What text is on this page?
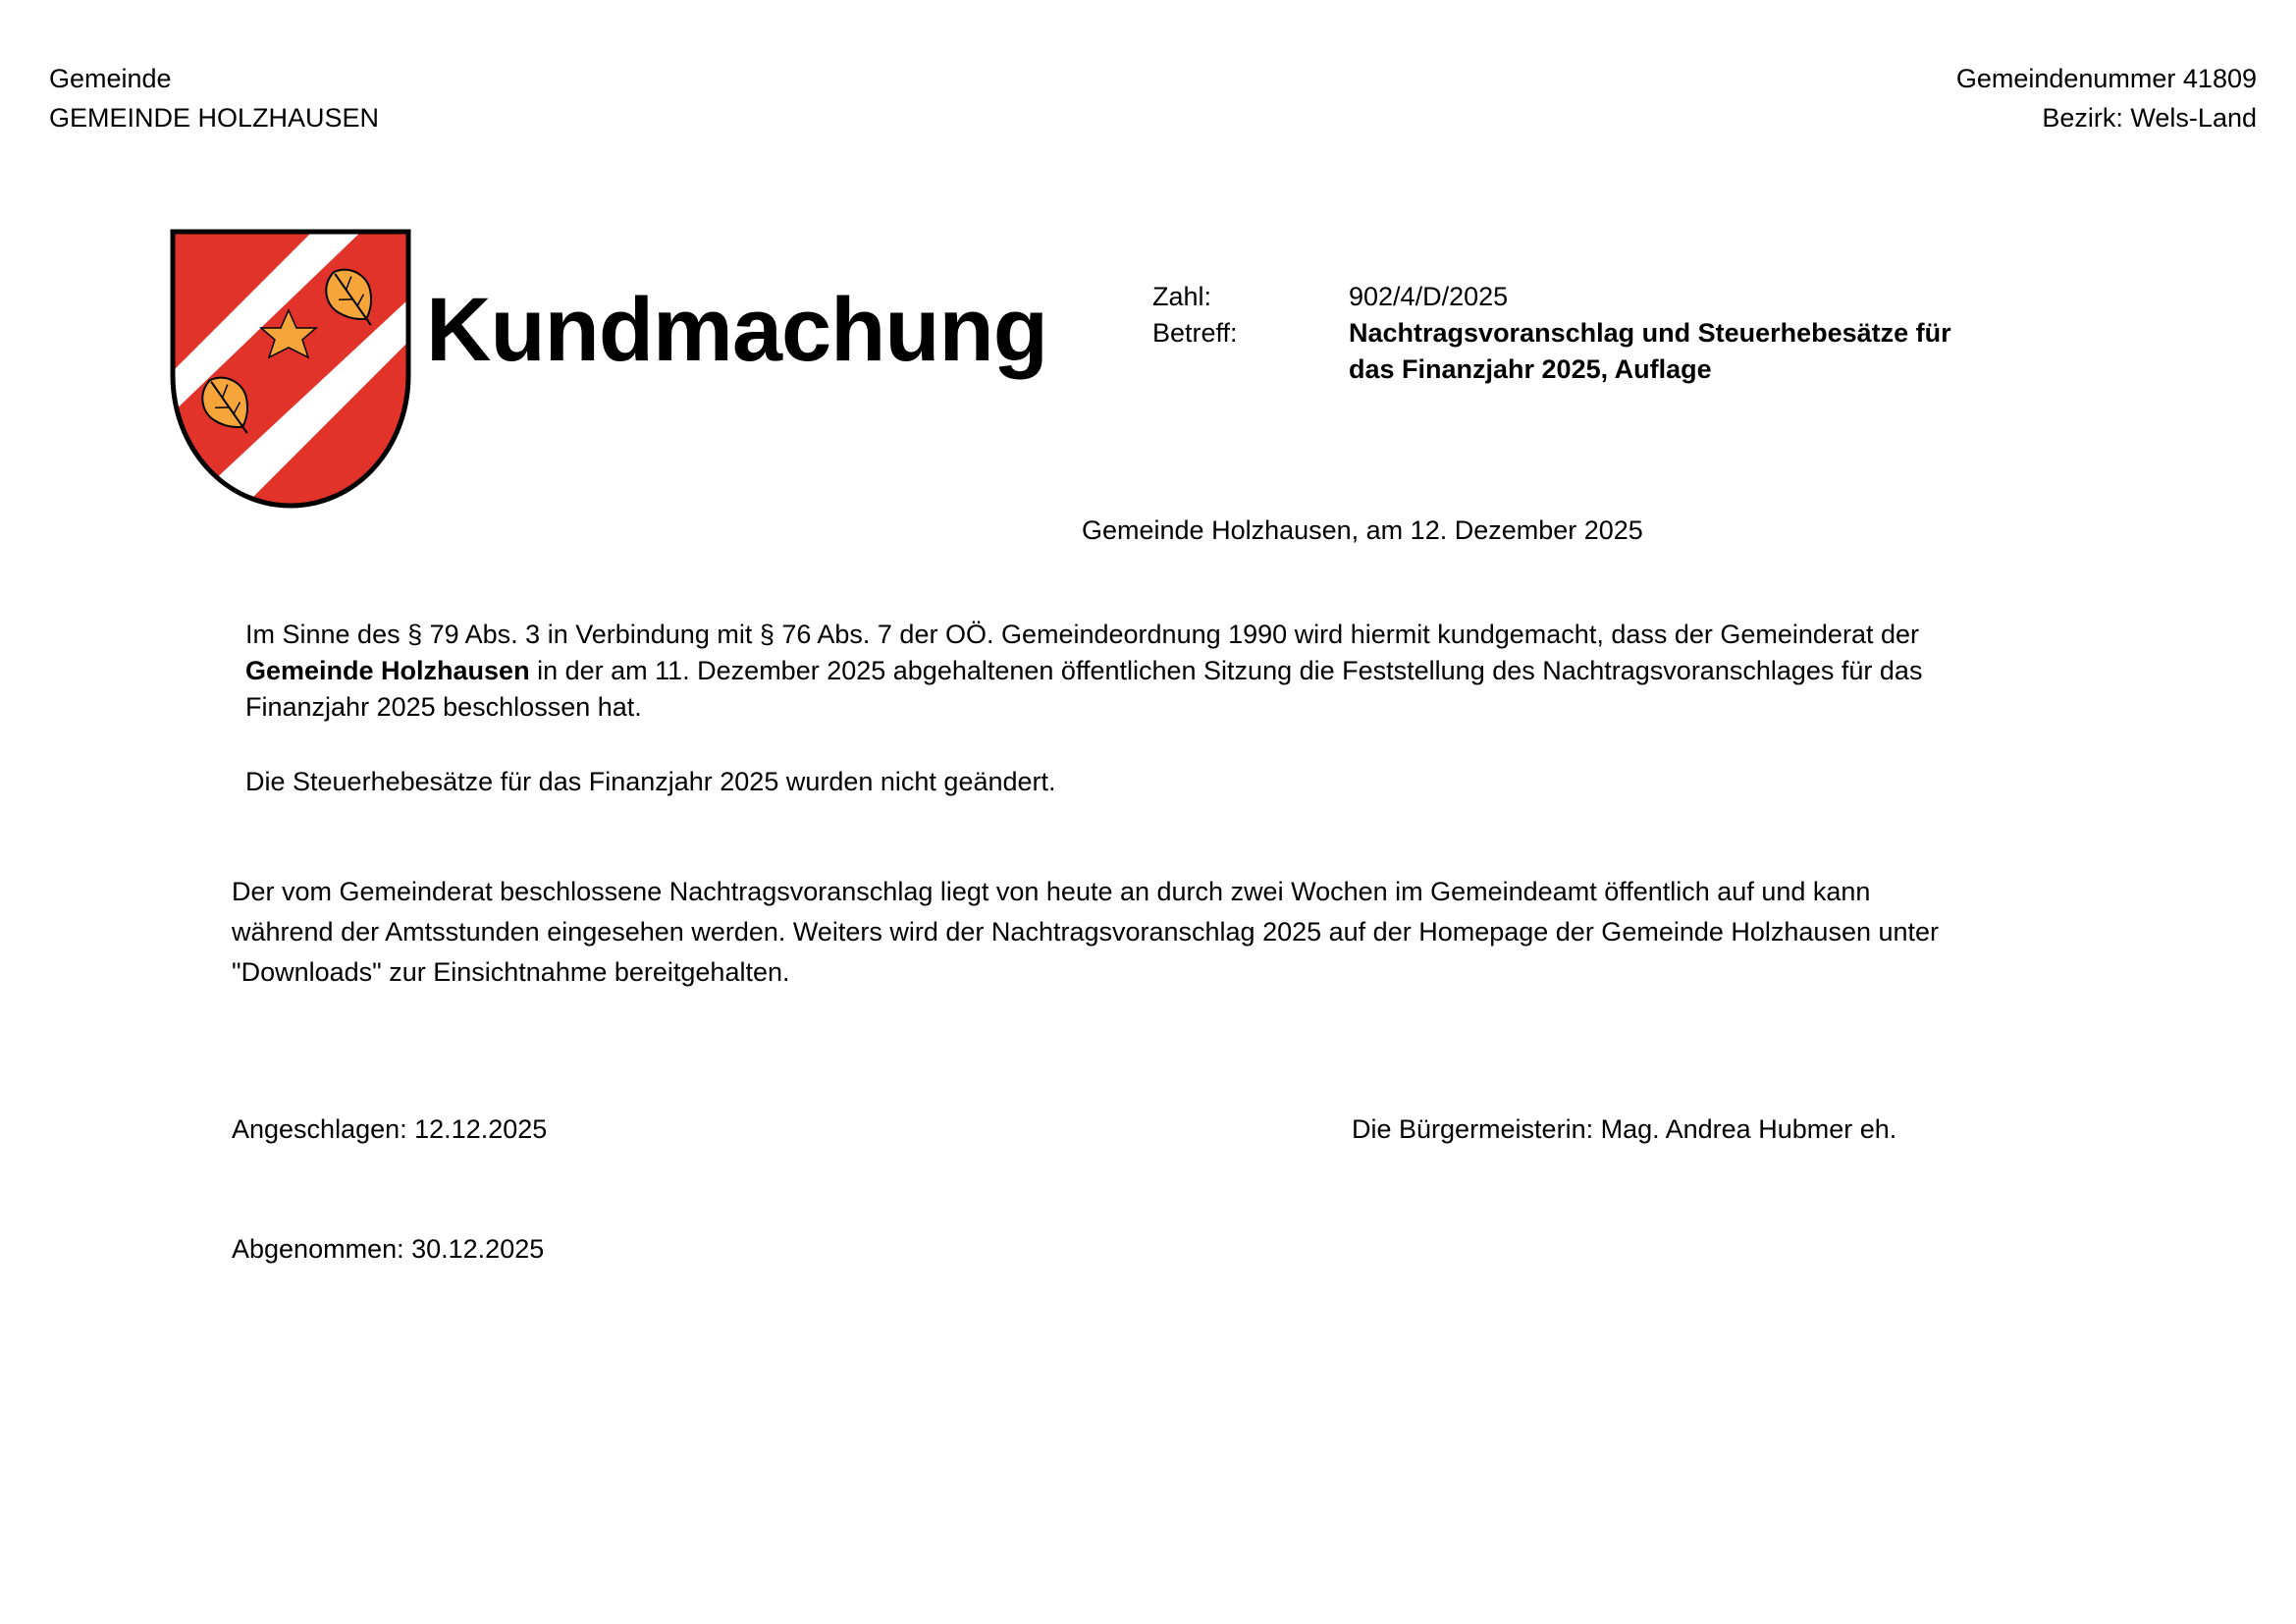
Gemeinde
GEMEINDE HOLZHAUSEN
Gemeindenummer 41809
Bezirk: Wels-Land
Kundmachung	Zahl:	902/4/D/2025
Betreff:	Nachtragsvoranschlag und Steuerhebesätze für das Finanzjahr 2025, Auflage
Gemeinde Holzhausen, am 12. Dezember 2025
Im Sinne des § 79 Abs. 3 in Verbindung mit § 76 Abs. 7 der OÖ. Gemeindeordnung 1990 wird hiermit kundgemacht, dass der Gemeinderat der Gemeinde Holzhausen in der am 11. Dezember 2025 abgehaltenen öffentlichen Sitzung die Feststellung des Nachtragsvoranschlages für das Finanzjahr 2025 beschlossen hat.
Die Steuerhebesätze für das Finanzjahr 2025 wurden nicht geändert.
Der vom Gemeinderat beschlossene Nachtragsvoranschlag liegt von heute an durch zwei Wochen im Gemeindeamt öffentlich auf und kann während der Amtsstunden eingesehen werden. Weiters wird der Nachtragsvoranschlag 2025 auf der Homepage der Gemeinde Holzhausen unter "Downloads" zur Einsichtnahme bereitgehalten.
Angeschlagen: 12.12.2025	Die Bürgermeisterin: Mag. Andrea Hubmer eh.
Abgenommen: 30.12.2025
